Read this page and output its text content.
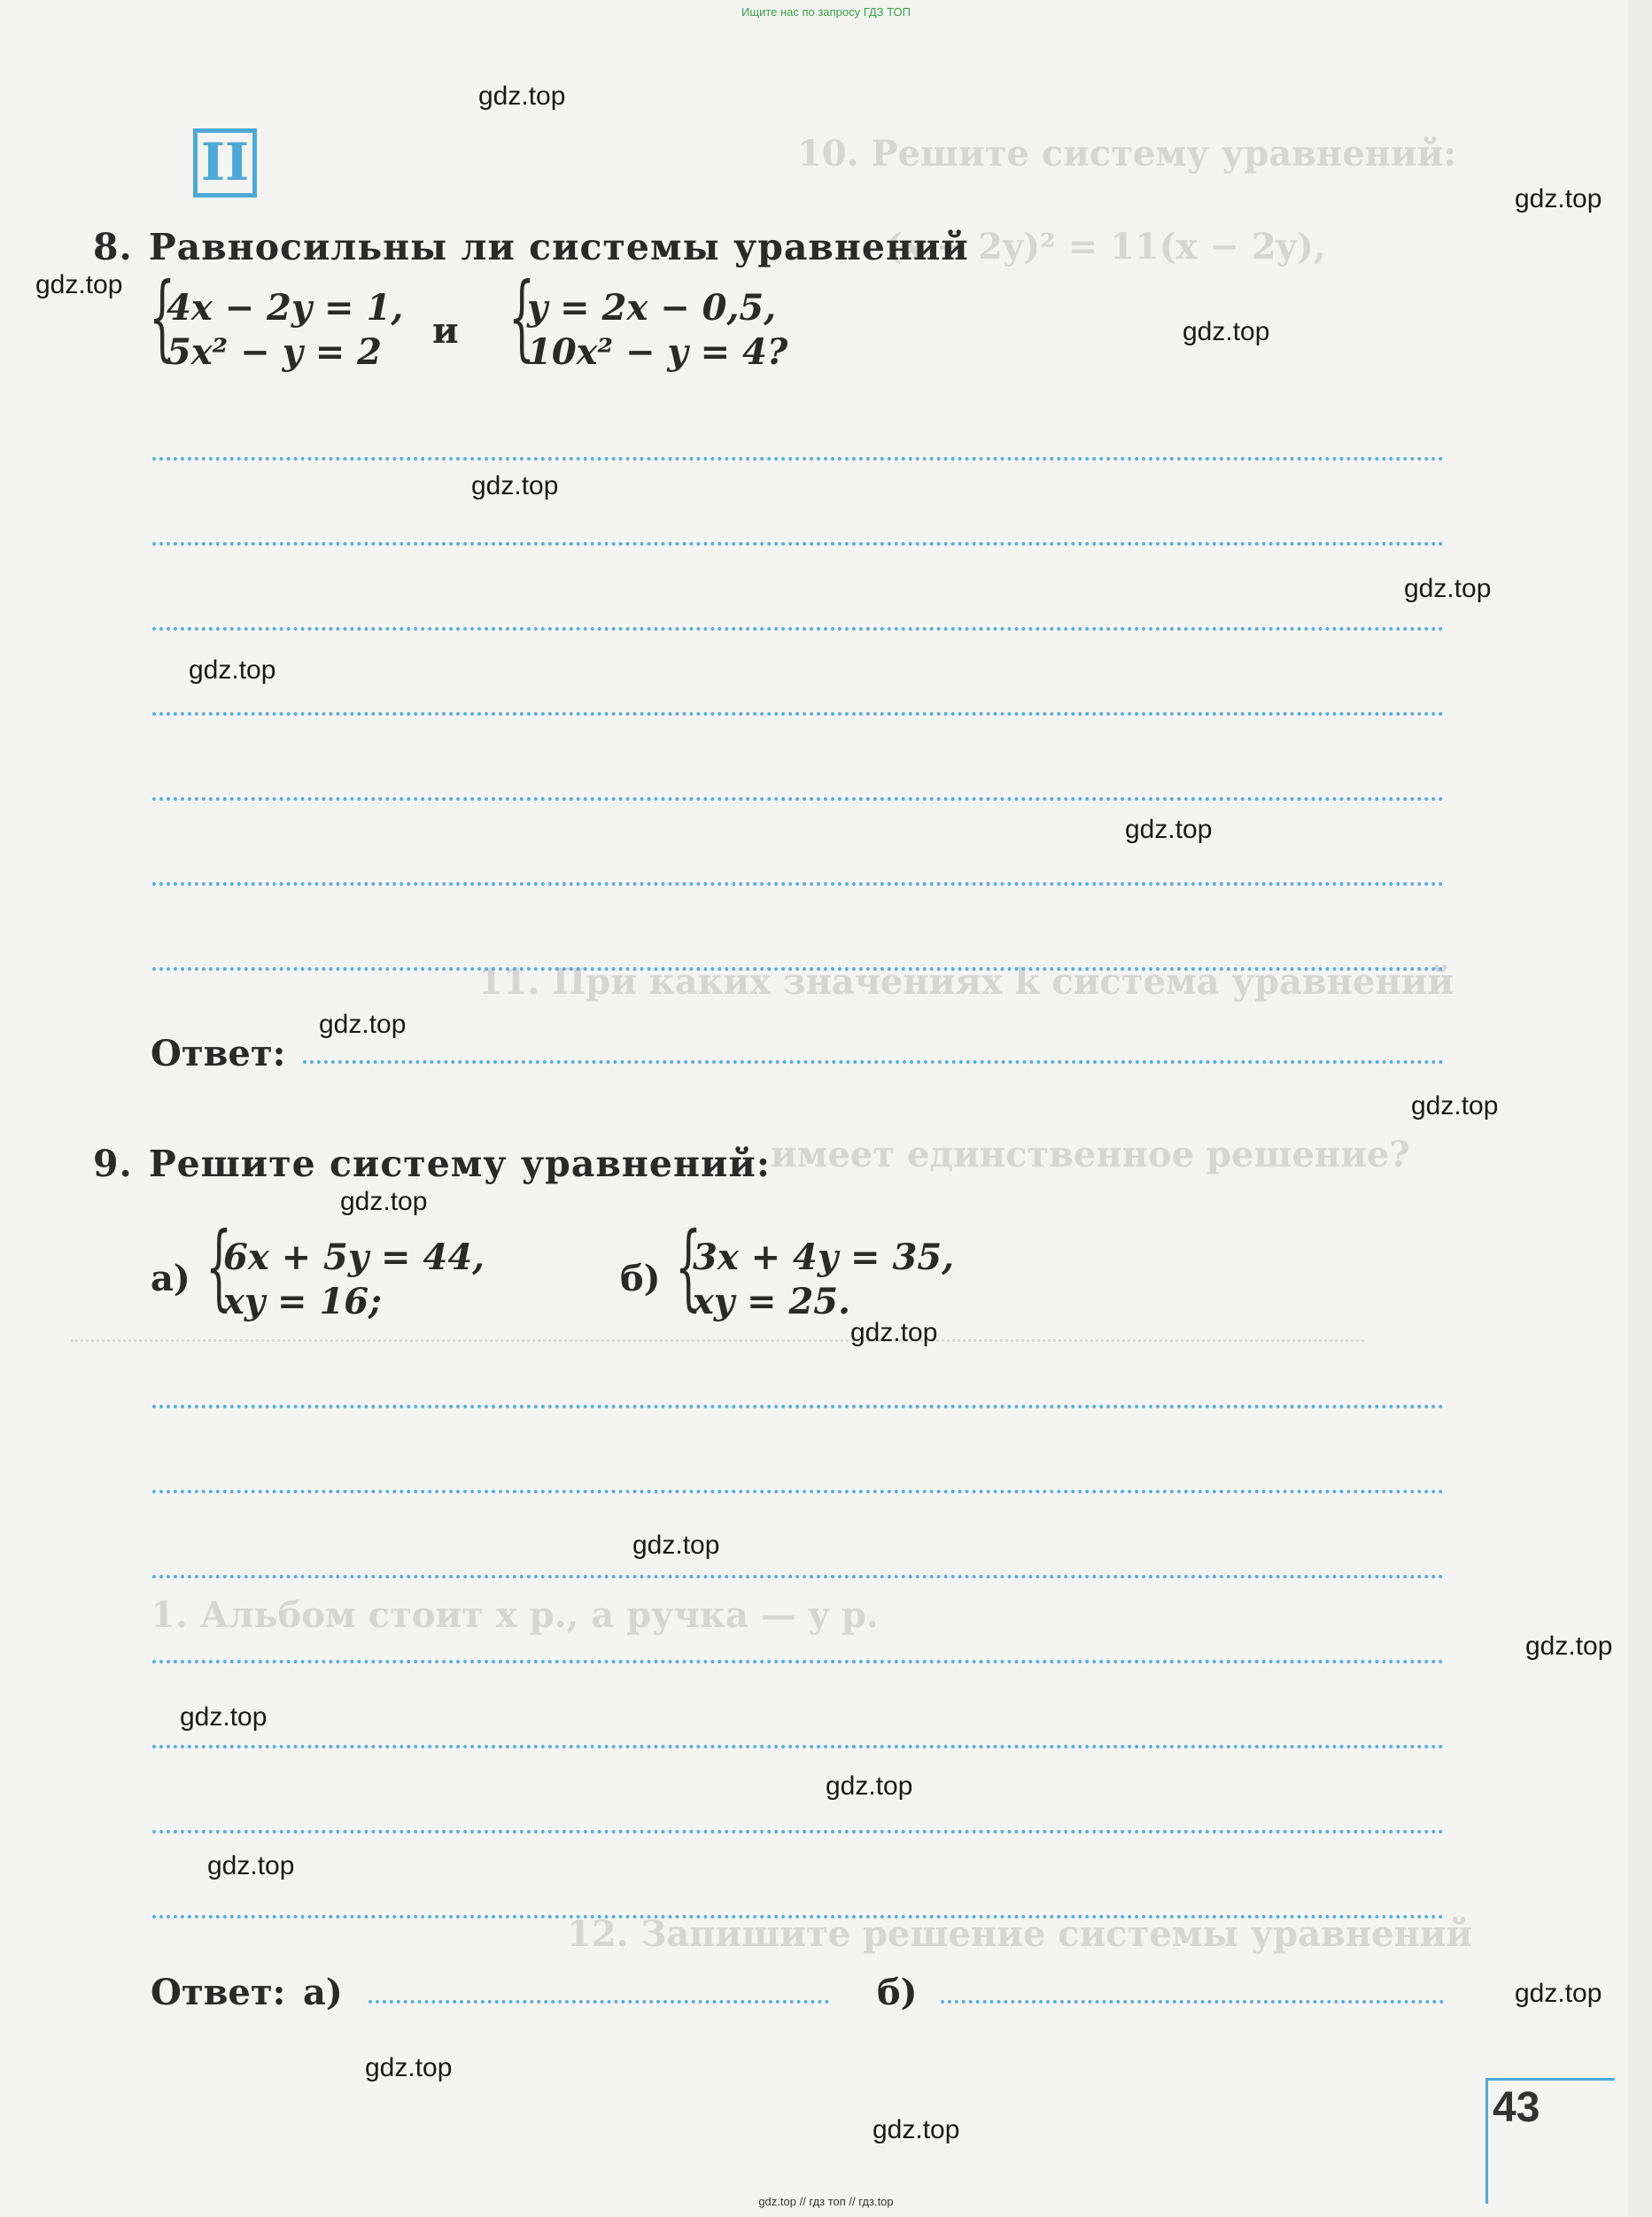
Ищите нас по запросу ГДЗ ТОП
10. Решите систему уравнений:
(x − 2y)² = 11(x − 2y),
11. При каких значениях k система уравнений
имеет единственное решение?
1. Альбом стоит x р., а ручка — y р.
12. Запишите решение системы уравнений
II
8. Равносильны ли системы уравнений
{
4x − 2y = 1,
5x² − y = 2
и {
y = 2x − 0,5,
10x² − y = 4?
Ответ:
9. Решите систему уравнений:
а) {
6x + 5y = 44,
xy = 16;
б) {
3x + 4y = 35,
xy = 25.
Ответ: а)	б)
43
gdz.top
gdz.top
gdz.top
gdz.top
gdz.top
gdz.top
gdz.top
gdz.top
gdz.top
gdz.top
gdz.top
gdz.top
gdz.top
gdz.top
gdz.top
gdz.top
gdz.top
gdz.top
gdz.top
gdz.top
gdz.top // гдз топ // гдз.top
